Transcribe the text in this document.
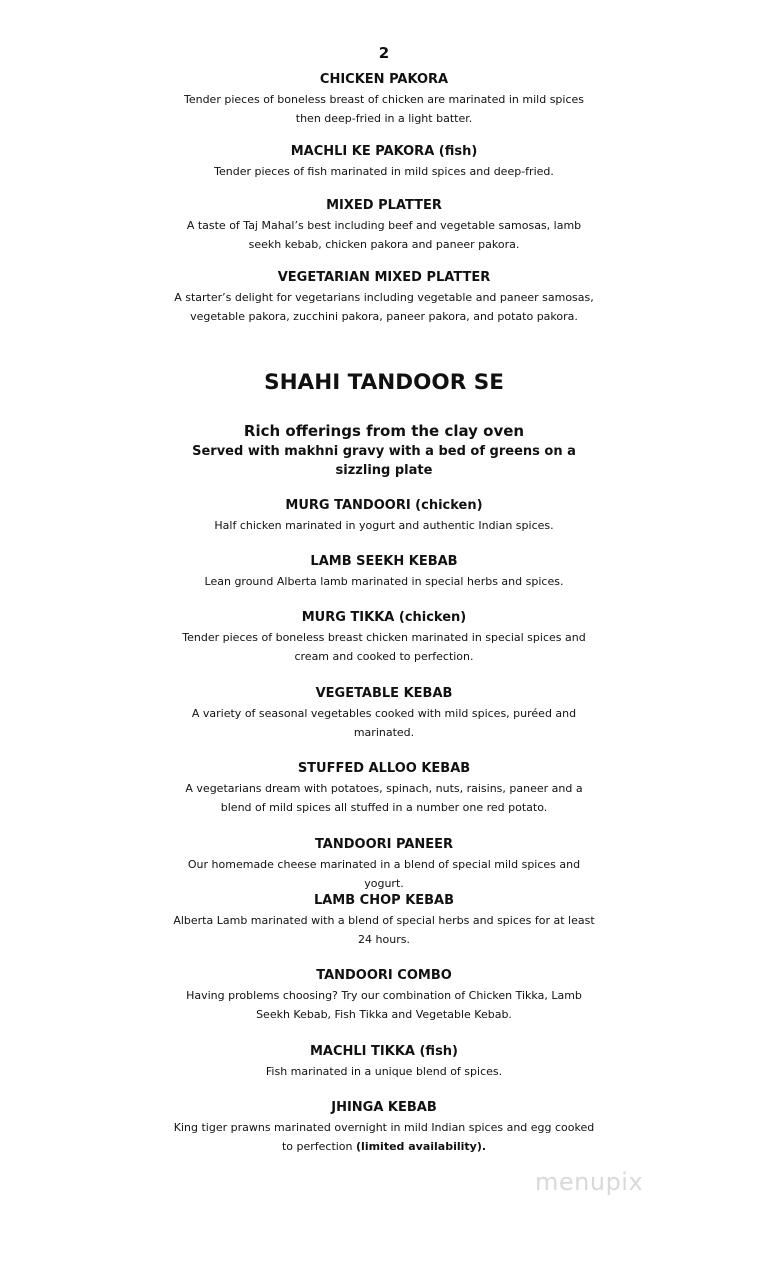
2
CHICKEN PAKORA
Tender pieces of boneless breast of chicken are marinated in mild spices then deep-fried in a light batter.
MACHLI KE PAKORA (fish)
Tender pieces of fish marinated in mild spices and deep-fried.
MIXED PLATTER
A taste of Taj Mahal’s best including beef and vegetable samosas, lamb seekh kebab, chicken pakora and paneer pakora.
VEGETARIAN MIXED PLATTER
A starter’s delight for vegetarians including vegetable and paneer samosas, vegetable pakora, zucchini pakora, paneer pakora, and potato pakora.
SHAHI TANDOOR SE
Rich offerings from the clay oven
Served with makhni gravy with a bed of greens on a sizzling plate
MURG TANDOORI (chicken)
Half chicken marinated in yogurt and authentic Indian spices.
LAMB SEEKH KEBAB
Lean ground Alberta lamb marinated in special herbs and spices.
MURG TIKKA (chicken)
Tender pieces of boneless breast chicken marinated in special spices and cream and cooked to perfection.
VEGETABLE KEBAB
A variety of seasonal vegetables cooked with mild spices, puréed and marinated.
STUFFED ALLOO KEBAB
A vegetarians dream with potatoes, spinach, nuts, raisins, paneer and a blend of mild spices all stuffed in a number one red potato.
TANDOORI PANEER
Our homemade cheese marinated in a blend of special mild spices and yogurt.
LAMB CHOP KEBAB
Alberta Lamb marinated with a blend of special herbs and spices for at least 24 hours.
TANDOORI COMBO
Having problems choosing? Try our combination of Chicken Tikka, Lamb Seekh Kebab, Fish Tikka and Vegetable Kebab.
MACHLI TIKKA (fish)
Fish marinated in a unique blend of spices.
JHINGA KEBAB
King tiger prawns marinated overnight in mild Indian spices and egg cooked to perfection (limited availability).
menupix
